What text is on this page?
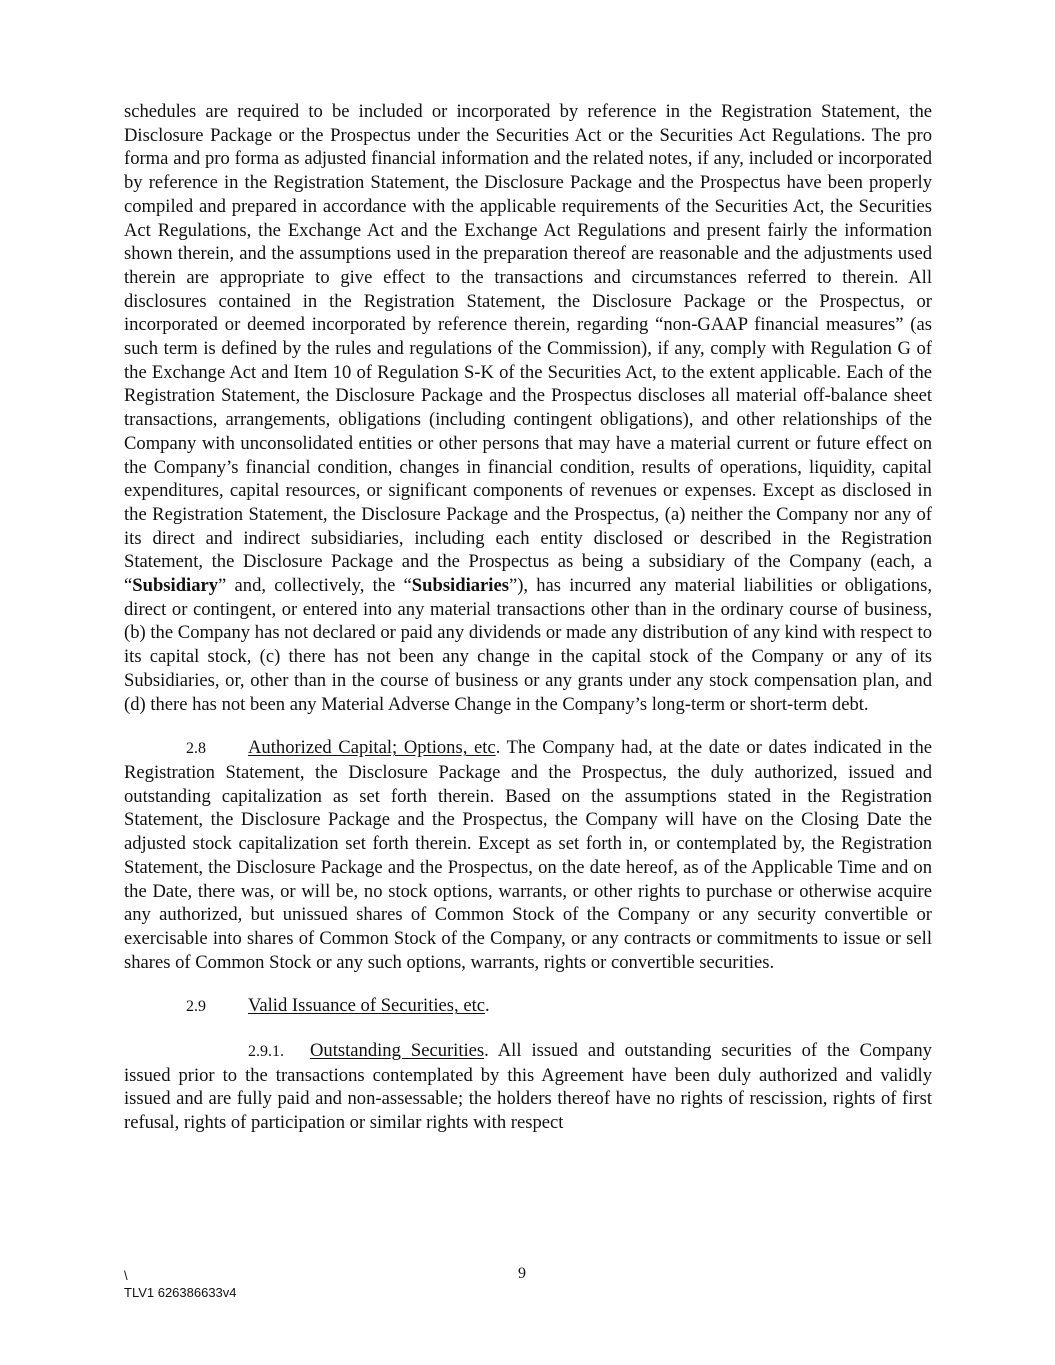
schedules are required to be included or incorporated by reference in the Registration Statement, the Disclosure Package or the Prospectus under the Securities Act or the Securities Act Regulations. The pro forma and pro forma as adjusted financial information and the related notes, if any, included or incorporated by reference in the Registration Statement, the Disclosure Package and the Prospectus have been properly compiled and prepared in accordance with the applicable requirements of the Securities Act, the Securities Act Regulations, the Exchange Act and the Exchange Act Regulations and present fairly the information shown therein, and the assumptions used in the preparation thereof are reasonable and the adjustments used therein are appropriate to give effect to the transactions and circumstances referred to therein. All disclosures contained in the Registration Statement, the Disclosure Package or the Prospectus, or incorporated or deemed incorporated by reference therein, regarding “non-GAAP financial measures” (as such term is defined by the rules and regulations of the Commission), if any, comply with Regulation G of the Exchange Act and Item 10 of Regulation S-K of the Securities Act, to the extent applicable. Each of the Registration Statement, the Disclosure Package and the Prospectus discloses all material off-balance sheet transactions, arrangements, obligations (including contingent obligations), and other relationships of the Company with unconsolidated entities or other persons that may have a material current or future effect on the Company’s financial condition, changes in financial condition, results of operations, liquidity, capital expenditures, capital resources, or significant components of revenues or expenses. Except as disclosed in the Registration Statement, the Disclosure Package and the Prospectus, (a) neither the Company nor any of its direct and indirect subsidiaries, including each entity disclosed or described in the Registration Statement, the Disclosure Package and the Prospectus as being a subsidiary of the Company (each, a “Subsidiary” and, collectively, the “Subsidiaries”), has incurred any material liabilities or obligations, direct or contingent, or entered into any material transactions other than in the ordinary course of business, (b) the Company has not declared or paid any dividends or made any distribution of any kind with respect to its capital stock, (c) there has not been any change in the capital stock of the Company or any of its Subsidiaries, or, other than in the course of business or any grants under any stock compensation plan, and (d) there has not been any Material Adverse Change in the Company’s long-term or short-term debt.

2.8 Authorized Capital; Options, etc. The Company had, at the date or dates indicated in the Registration Statement, the Disclosure Package and the Prospectus, the duly authorized, issued and outstanding capitalization as set forth therein. Based on the assumptions stated in the Registration Statement, the Disclosure Package and the Prospectus, the Company will have on the Closing Date the adjusted stock capitalization set forth therein. Except as set forth in, or contemplated by, the Registration Statement, the Disclosure Package and the Prospectus, on the date hereof, as of the Applicable Time and on the Date, there was, or will be, no stock options, warrants, or other rights to purchase or otherwise acquire any authorized, but unissued shares of Common Stock of the Company or any security convertible or exercisable into shares of Common Stock of the Company, or any contracts or commitments to issue or sell shares of Common Stock or any such options, warrants, rights or convertible securities.

2.9 Valid Issuance of Securities, etc.

2.9.1. Outstanding Securities. All issued and outstanding securities of the Company issued prior to the transactions contemplated by this Agreement have been duly authorized and validly issued and are fully paid and non-assessable; the holders thereof have no rights of rescission, rights of first refusal, rights of participation or similar rights with respect

\
TLV1 626386633v4
9
